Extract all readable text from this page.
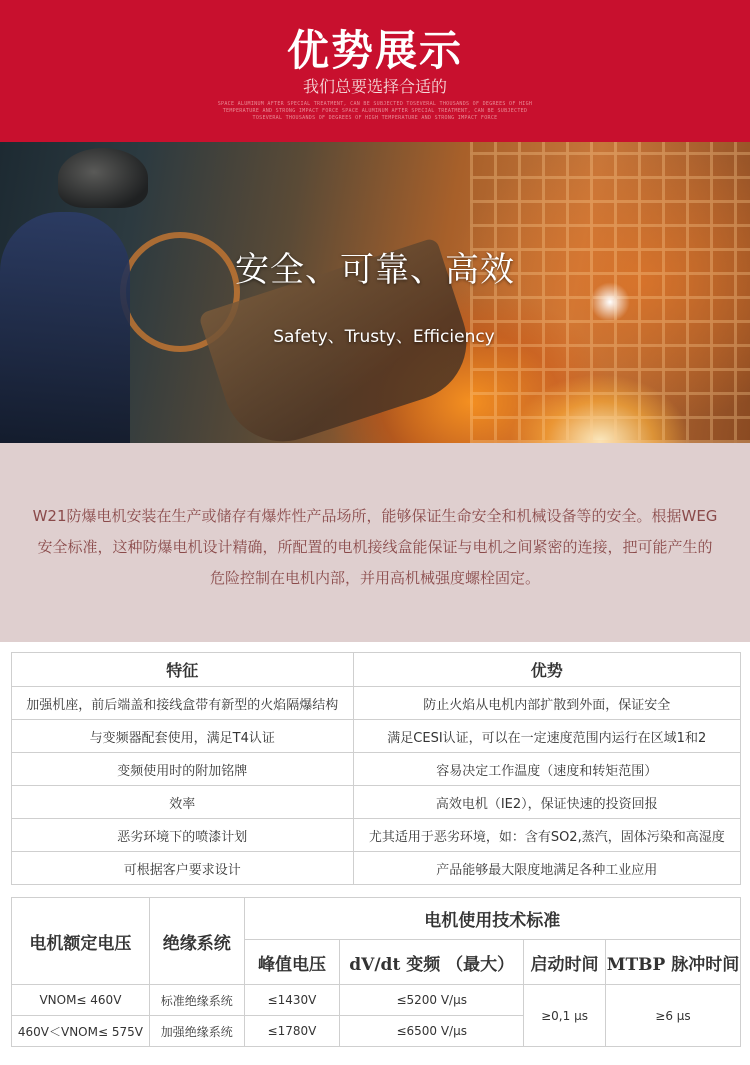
优势展示
我们总要选择合适的
SPACE ALUMINUM AFTER SPECIAL TREATMENT, CAN BE SUBJECTED TOSEVERAL THOUSANDS OF DEGREES OF HIGH
TEMPERATURE AND STRONG IMPACT FORCE SPACE ALUMINUM AFTER SPECIAL TREATMENT, CAN BE SUBJECTED
TOSEVERAL THOUSANDS OF DEGREES OF HIGH TEMPERATURE AND STRONG IMPACT FORCE
安全、可靠、高效
Safety、Trusty、Efficiency

W21防爆电机安装在生产或储存有爆炸性产品场所，能够保证生命安全和机械设备等的安全。根据WEG安全标准，这种防爆电机设计精确，所配置的电机接线盒能保证与电机之间紧密的连接，把可能产生的危险控制在电机内部，并用高机械强度螺栓固定。

特征	优势
加强机座，前后端盖和接线盒带有新型的火焰隔爆结构	防止火焰从电机内部扩散到外面，保证安全
与变频器配套使用，满足T4认证	满足CESI认证，可以在一定速度范围内运行在区域1和2
变频使用时的附加铭牌	容易决定工作温度（速度和转矩范围）
效率	高效电机（IE2），保证快速的投资回报
恶劣环境下的喷漆计划	尤其适用于恶劣环境，如：含有SO2,蒸汽，固体污染和高湿度
可根据客户要求设计	产品能够最大限度地满足各种工业应用
电机额定电压	绝缘系统	电机使用技术标准			
		峰值电压	dV/dt 变频 （最大）	启动时间	MTBP 脉冲时间
VNOM≤ 460V	标准绝缘系统	≤1430V	≤5200 V/μs	≥0,1 μs	≥6 μs
460V＜VNOM≤ 575V	加强绝缘系统	≤1780V	≤6500 V/μs		
